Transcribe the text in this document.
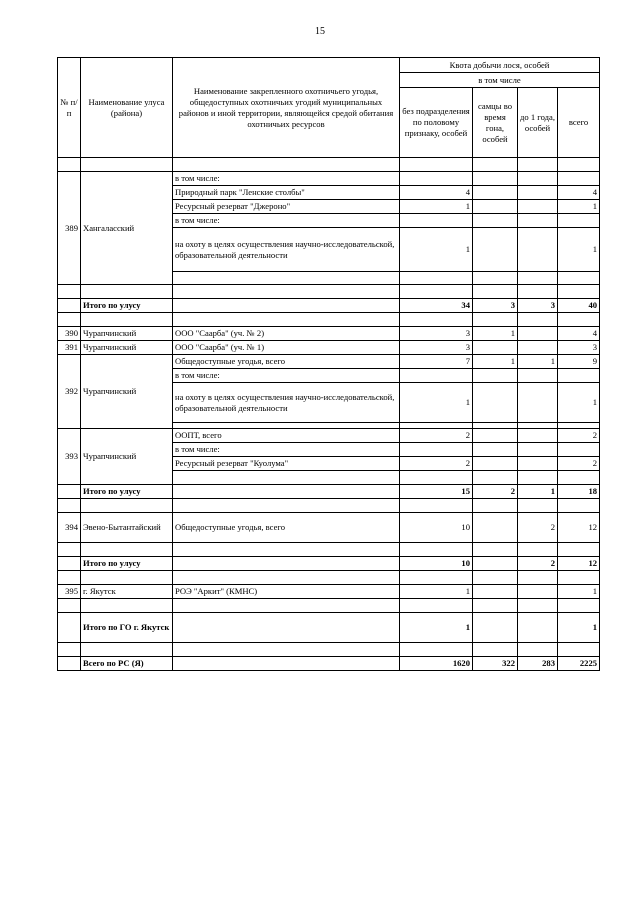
15
№ п/п	Наименование улуса (района)	Наименование закрепленного охотничьего угодья, общедоступных охотничьих угодий муниципальных районов и иной территории, являющейся средой обитания охотничьих ресурсов	Квота добычи лося, особей			
			в том числе			
			без подразделения по половому признаку, особей	самцы во время гона, особей	до 1 года, особей	всего

389	Хангаласский	в том числе:				
		Природный парк "Ленские столбы"	4			4
		Ресурсный резерват "Джероно"	1			1
		в том числе:				
		на охоту в целях осуществления научно-исследовательской, образовательной деятельности	1			1

	Итого по улусу		34	3	3	40

390	Чурапчинский	ООО "Саарба" (уч. № 2)	3	1		4
391	Чурапчинский	ООО "Саарба" (уч. № 1)	3			3
392	Чурапчинский	Общедоступные угодья, всего	7	1	1	9
		в том числе:				
		на охоту в целях осуществления научно-исследовательской, образовательной деятельности	1			1

393	Чурапчинский	ООПТ, всего	2			2
		в том числе:				
		Ресурсный резерват "Куолума"	2			2

	Итого по улусу		15	2	1	18

394	Эвено-Бытантайский	Общедоступные угодья, всего	10		2	12

	Итого по улусу		10		2	12

395	г. Якутск	РОЭ "Аркит" (КМНС)	1			1

	Итого по ГО г. Якутск		1			1

	Всего по РС (Я)		1620	322	283	2225
